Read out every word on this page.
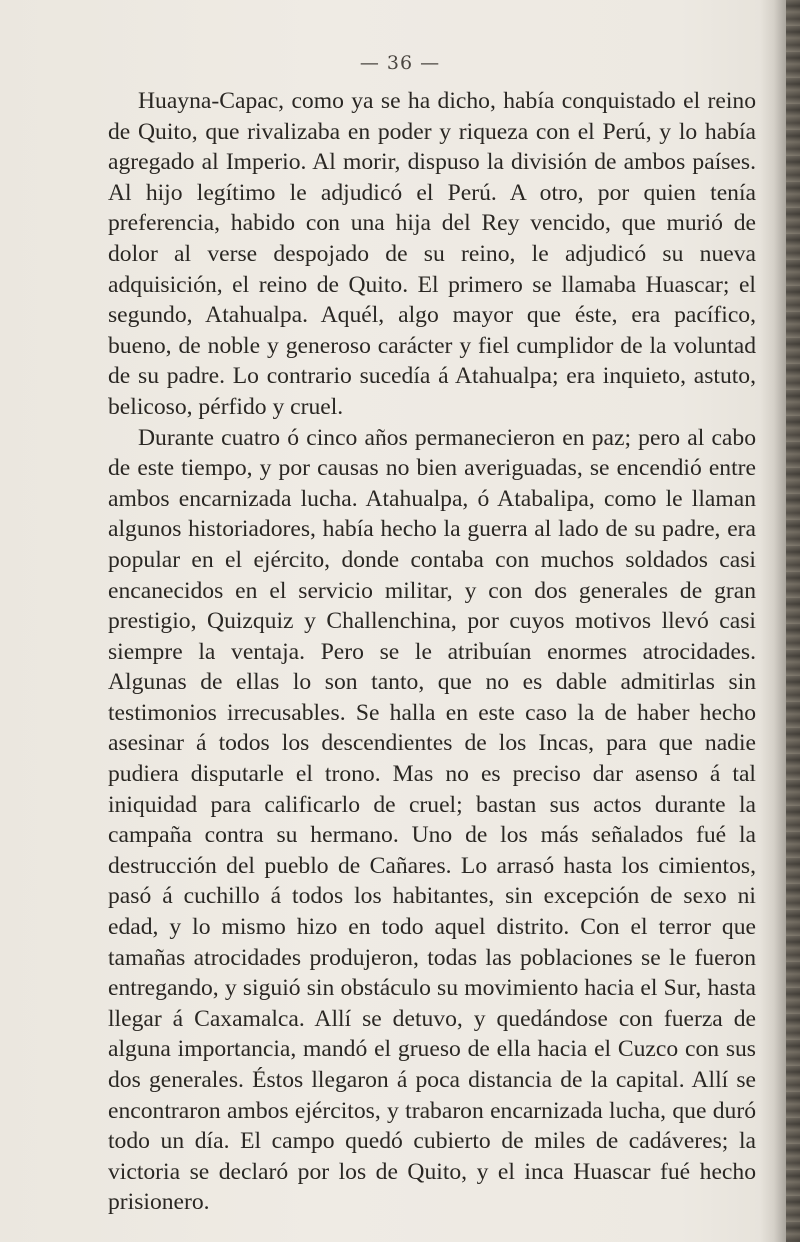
— 36 —

Huayna-Capac, como ya se ha dicho, había conquistado el reino de Quito, que rivalizaba en poder y riqueza con el Perú, y lo había agregado al Imperio. Al morir, dispuso la división de ambos países. Al hijo legítimo le adjudicó el Perú. A otro, por quien tenía preferencia, habido con una hija del Rey vencido, que murió de dolor al verse despojado de su reino, le adjudicó su nueva adquisición, el reino de Quito. El primero se llamaba Huascar; el segundo, Atahualpa. Aquél, algo mayor que éste, era pacífico, bueno, de noble y generoso carácter y fiel cumplidor de la voluntad de su padre. Lo contrario sucedía á Atahualpa; era inquieto, astuto, belicoso, pérfido y cruel.

Durante cuatro ó cinco años permanecieron en paz; pero al cabo de este tiempo, y por causas no bien averiguadas, se encendió entre ambos encarnizada lucha. Atahualpa, ó Atabalipa, como le llaman algunos historiadores, había hecho la guerra al lado de su padre, era popular en el ejército, donde contaba con muchos soldados casi encanecidos en el servicio militar, y con dos generales de gran prestigio, Quizquiz y Challenchina, por cuyos motivos llevó casi siempre la ventaja. Pero se le atribuían enormes atrocidades. Algunas de ellas lo son tanto, que no es dable admitirlas sin testimonios irrecusables. Se halla en este caso la de haber hecho asesinar á todos los descendientes de los Incas, para que nadie pudiera disputarle el trono. Mas no es preciso dar asenso á tal iniquidad para calificarlo de cruel; bastan sus actos durante la campaña contra su hermano. Uno de los más señalados fué la destrucción del pueblo de Cañares. Lo arrasó hasta los cimientos, pasó á cuchillo á todos los habitantes, sin excepción de sexo ni edad, y lo mismo hizo en todo aquel distrito. Con el terror que tamañas atrocidades produjeron, todas las poblaciones se le fueron entregando, y siguió sin obstáculo su movimiento hacia el Sur, hasta llegar á Caxamalca. Allí se detuvo, y quedándose con fuerza de alguna importancia, mandó el grueso de ella hacia el Cuzco con sus dos generales. Éstos llegaron á poca distancia de la capital. Allí se encontraron ambos ejércitos, y trabaron encarnizada lucha, que duró todo un día. El campo quedó cubierto de miles de cadáveres; la victoria se declaró por los de Quito, y el inca Huascar fué hecho prisionero.
